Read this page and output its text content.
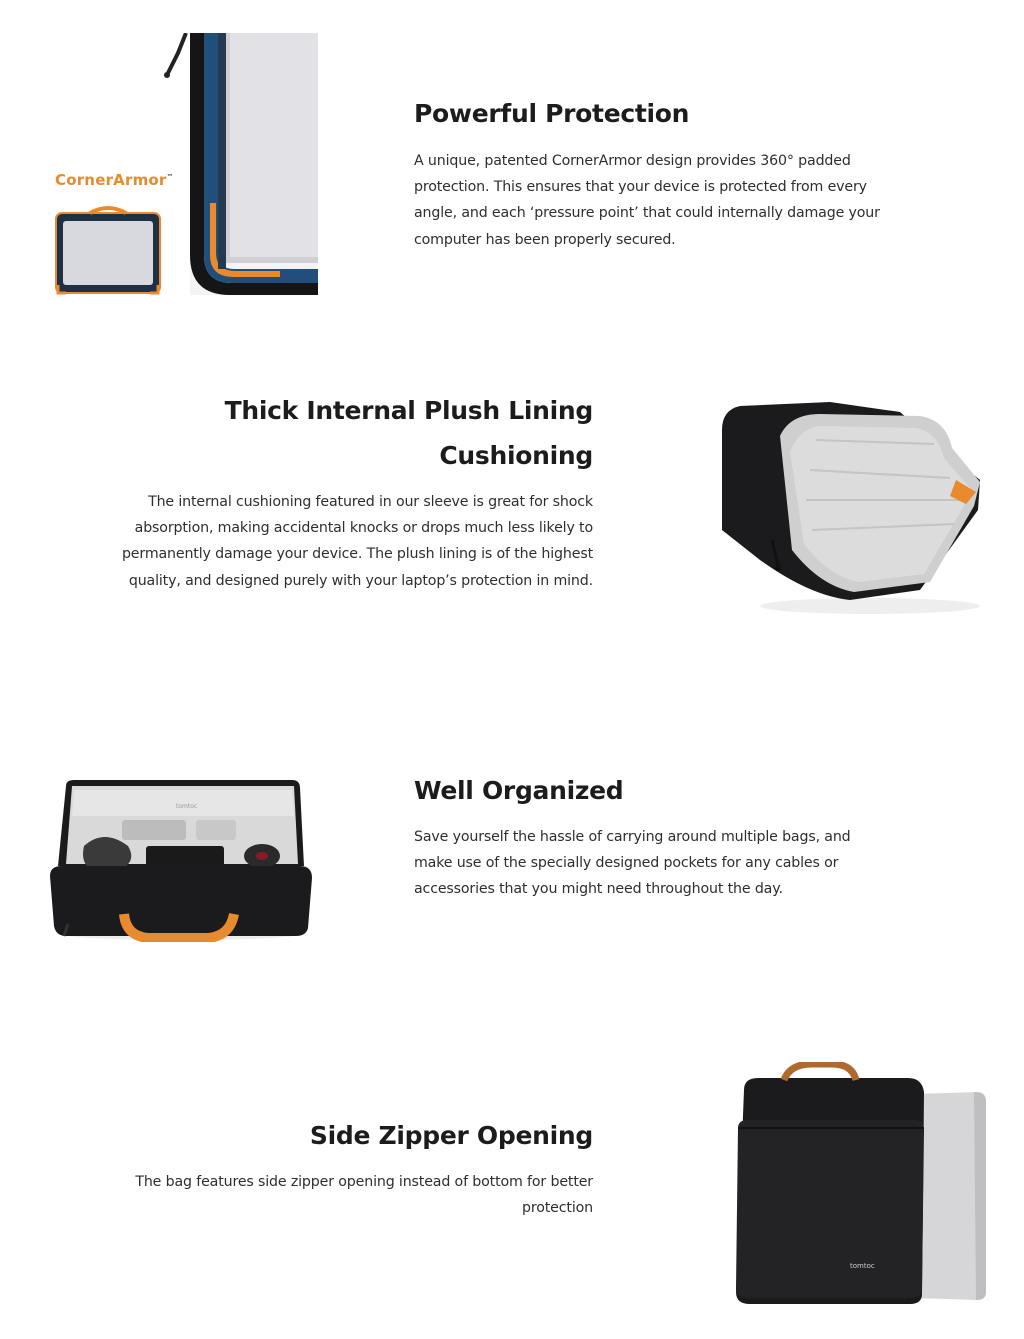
CornerArmor™
Powerful Protection

A unique, patented CornerArmor design provides 360° padded protection. This ensures that your device is protected from every angle, and each ‘pressure point’ that could internally damage your computer has been properly secured.

Thick Internal Plush Lining Cushioning

The internal cushioning featured in our sleeve is great for shock absorption, making accidental knocks or drops much less likely to permanently damage your device. The plush lining is of the highest quality, and designed purely with your laptop’s protection in mind.

tomtoc
Well Organized

Save yourself the hassle of carrying around multiple bags, and make use of the specially designed pockets for any cables or accessories that you might need throughout the day.

Side Zipper Opening

The bag features side zipper opening instead of bottom for better protection

tomtoc
